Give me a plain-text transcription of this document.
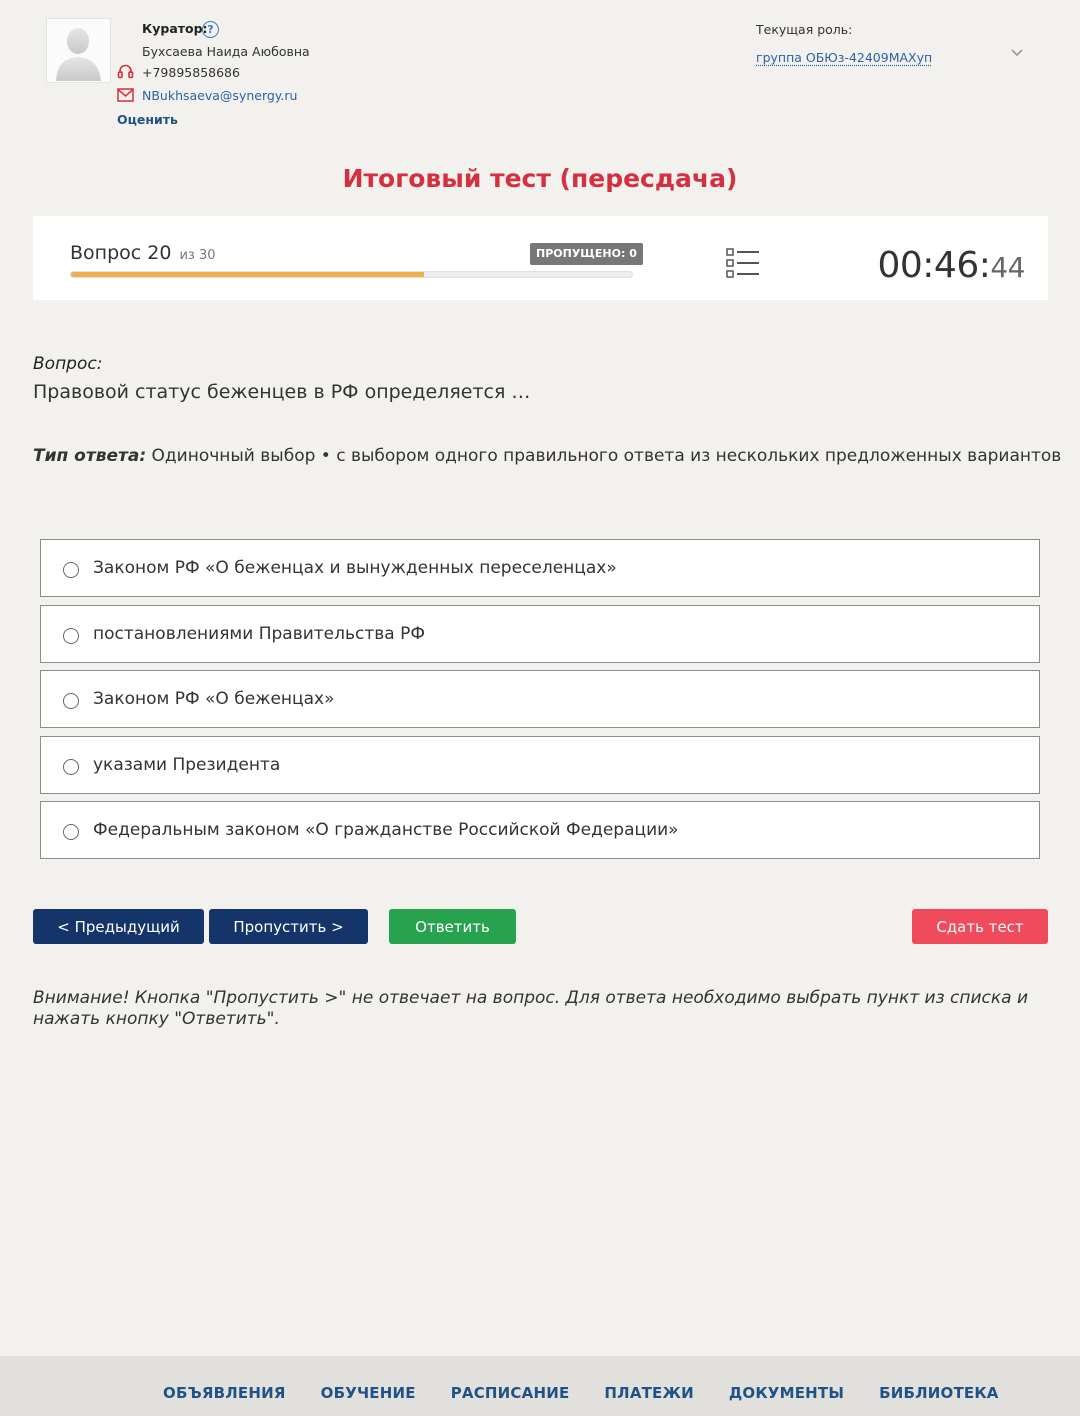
Куратор: ?
Бухсаева Наида Аюбовна
+79895858686
NBukhsaeva@synergy.ru
Оценить
Текущая роль:
группа ОБЮз-42409МАХуп
Итоговый тест (пересдача)
Вопрос 20 из 30	ПРОПУЩЕНО: 0	00:46:44
Вопрос:
Правовой статус беженцев в РФ определяется …
Тип ответа: Одиночный выбор • с выбором одного правильного ответа из нескольких предложенных вариантов
Законом РФ «О беженцах и вынужденных переселенцах»
постановлениями Правительства РФ
Законом РФ «О беженцах»
указами Президента
Федеральным законом «О гражданстве Российской Федерации»
< Предыдущий	Пропустить >	Ответить	Сдать тест
Внимание! Кнопка "Пропустить >" не отвечает на вопрос. Для ответа необходимо выбрать пункт из списка и нажать кнопку "Ответить".
ОБЪЯВЛЕНИЯ ОБУЧЕНИЕ РАСПИСАНИЕ ПЛАТЕЖИ ДОКУМЕНТЫ БИБЛИОТЕКА
